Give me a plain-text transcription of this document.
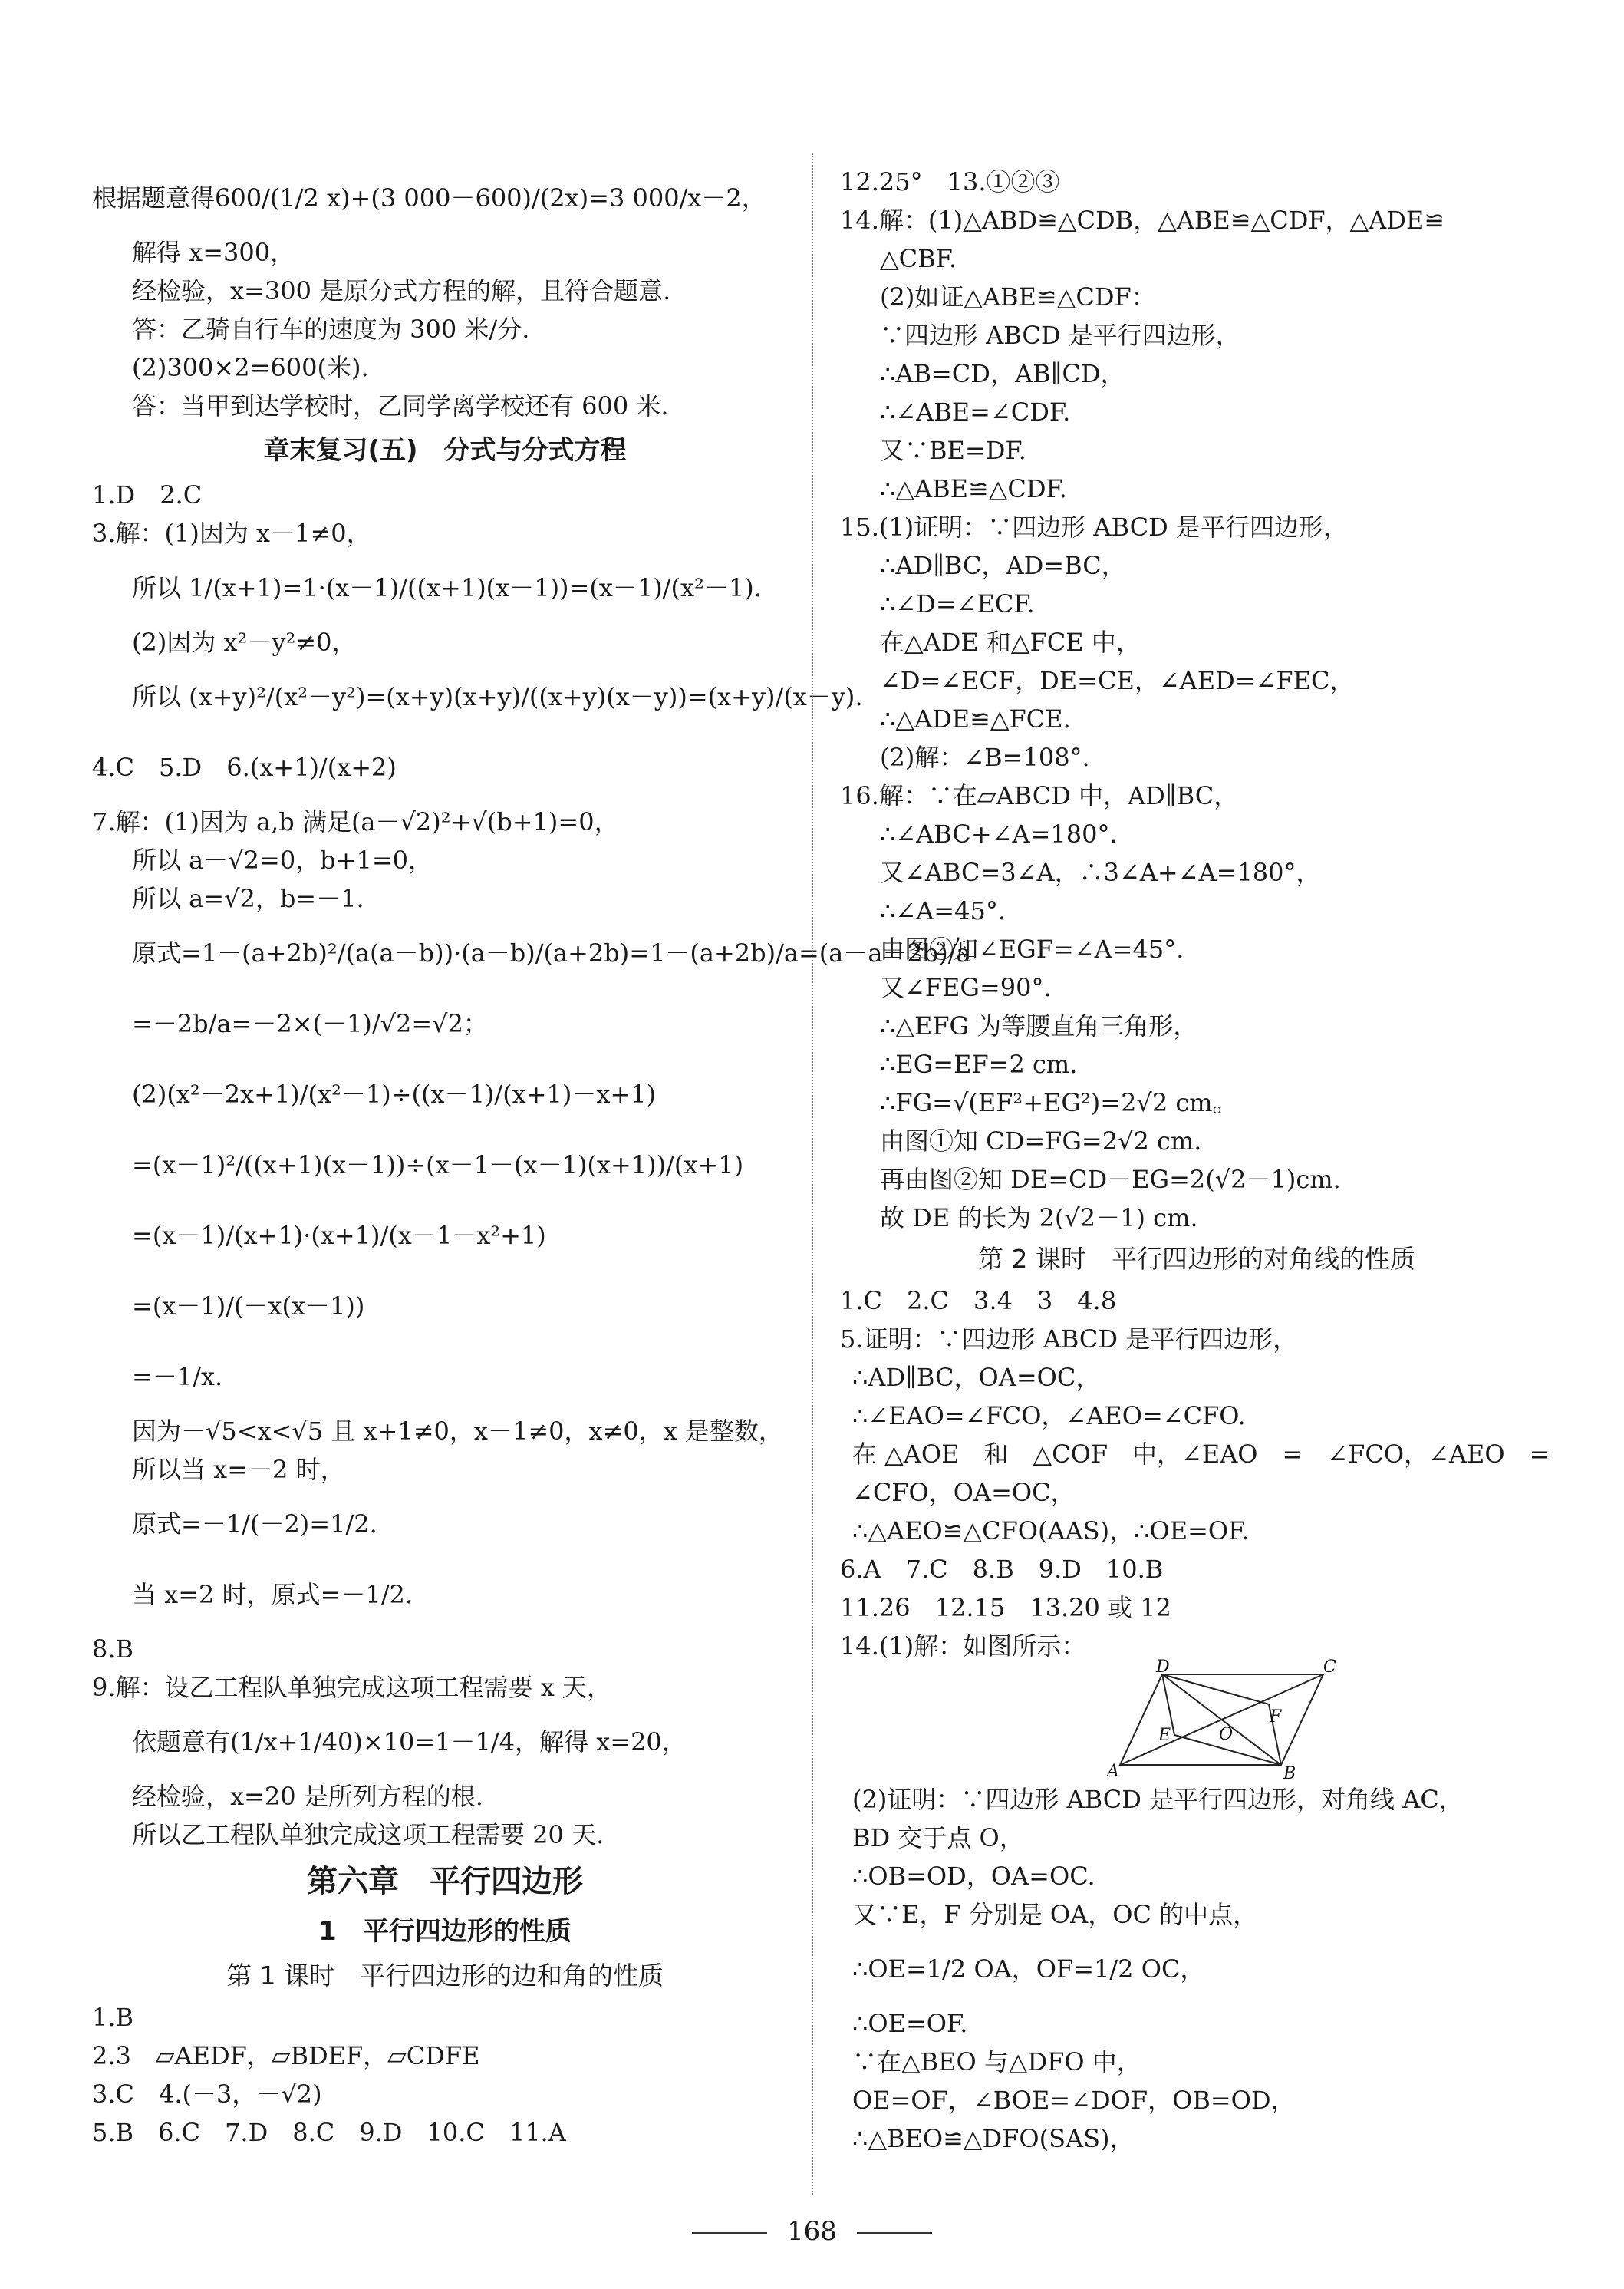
根据题意得600/(1/2 x)+(3 000－600)/(2x)=3 000/x－2，
解得 x=300，
经检验，x=300 是原分式方程的解，且符合题意.
答：乙骑自行车的速度为 300 米/分.
(2)300×2=600(米).
答：当甲到达学校时，乙同学离学校还有 600 米.
章末复习(五)　分式与分式方程
1.D　2.C
3.解：(1)因为 x－1≠0，
所以 1/(x+1)=1·(x－1)/((x+1)(x－1))=(x－1)/(x²－1).
(2)因为 x²－y²≠0，
所以 (x+y)²/(x²－y²)=(x+y)(x+y)/((x+y)(x－y))=(x+y)/(x－y).
4.C　5.D　6.(x+1)/(x+2)
7.解：(1)因为 a,b 满足(a－√2)²+√(b+1)=0，
所以 a－√2=0，b+1=0，
所以 a=√2，b=－1.
原式=1－(a+2b)²/(a(a－b))·(a－b)/(a+2b)=1－(a+2b)/a=(a－a－2b)/a
=－2b/a=－2×(－1)/√2=√2；
(2)(x²－2x+1)/(x²－1)÷((x－1)/(x+1)－x+1)
=(x－1)²/((x+1)(x－1))÷(x－1－(x－1)(x+1))/(x+1)
=(x－1)/(x+1)·(x+1)/(x－1－x²+1)
=(x－1)/(－x(x－1))
=－1/x.
因为－√5<x<√5 且 x+1≠0，x－1≠0，x≠0，x 是整数，
所以当 x=－2 时，
原式=－1/(－2)=1/2.
当 x=2 时，原式=－1/2.
8.B
9.解：设乙工程队单独完成这项工程需要 x 天，
依题意有(1/x+1/40)×10=1－1/4，解得 x=20，
经检验，x=20 是所列方程的根.
所以乙工程队单独完成这项工程需要 20 天.
第六章　平行四边形
1　平行四边形的性质
第 1 课时　平行四边形的边和角的性质
1.B
2.3　▱AEDF，▱BDEF，▱CDFE
3.C　4.(－3，－√2)
5.B　6.C　7.D　8.C　9.D　10.C　11.A
12.25°　13.①②③
14.解：(1)△ABD≌△CDB，△ABE≌△CDF，△ADE≌
△CBF.
(2)如证△ABE≌△CDF：
∵四边形 ABCD 是平行四边形，
∴AB=CD，AB∥CD，
∴∠ABE=∠CDF.
又∵BE=DF.
∴△ABE≌△CDF.
15.(1)证明：∵四边形 ABCD 是平行四边形，
∴AD∥BC，AD=BC，
∴∠D=∠ECF.
在△ADE 和△FCE 中，
∠D=∠ECF，DE=CE，∠AED=∠FEC，
∴△ADE≌△FCE.
(2)解：∠B=108°.
16.解：∵在▱ABCD 中，AD∥BC，
∴∠ABC+∠A=180°.
又∠ABC=3∠A，∴3∠A+∠A=180°，
∴∠A=45°.
由图②知∠EGF=∠A=45°.
又∠FEG=90°.
∴△EFG 为等腰直角三角形，
∴EG=EF=2 cm.
∴FG=√(EF²+EG²)=2√2 cm。
由图①知 CD=FG=2√2 cm.
再由图②知 DE=CD－EG=2(√2－1)cm.
故 DE 的长为 2(√2－1) cm.
第 2 课时　平行四边形的对角线的性质
1.C　2.C　3.4　3　4.8
5.证明：∵四边形 ABCD 是平行四边形，
∴AD∥BC，OA=OC，
∴∠EAO=∠FCO，∠AEO=∠CFO.
在 △AOE　和　△COF　中，∠EAO　=　∠FCO，∠AEO　=
∠CFO，OA=OC，
∴△AEO≌△CFO(AAS)，∴OE=OF.
6.A　7.C　8.B　9.D　10.B
11.26　12.15　13.20 或 12
14.(1)解：如图所示：
D	C
A	B
E	O
F
(2)证明：∵四边形 ABCD 是平行四边形，对角线 AC，
BD 交于点 O，
∴OB=OD，OA=OC.
又∵E，F 分别是 OA，OC 的中点，
∴OE=1/2 OA，OF=1/2 OC，
∴OE=OF.
∵在△BEO 与△DFO 中，
OE=OF，∠BOE=∠DOF，OB=OD，
∴△BEO≌△DFO(SAS)，
168
